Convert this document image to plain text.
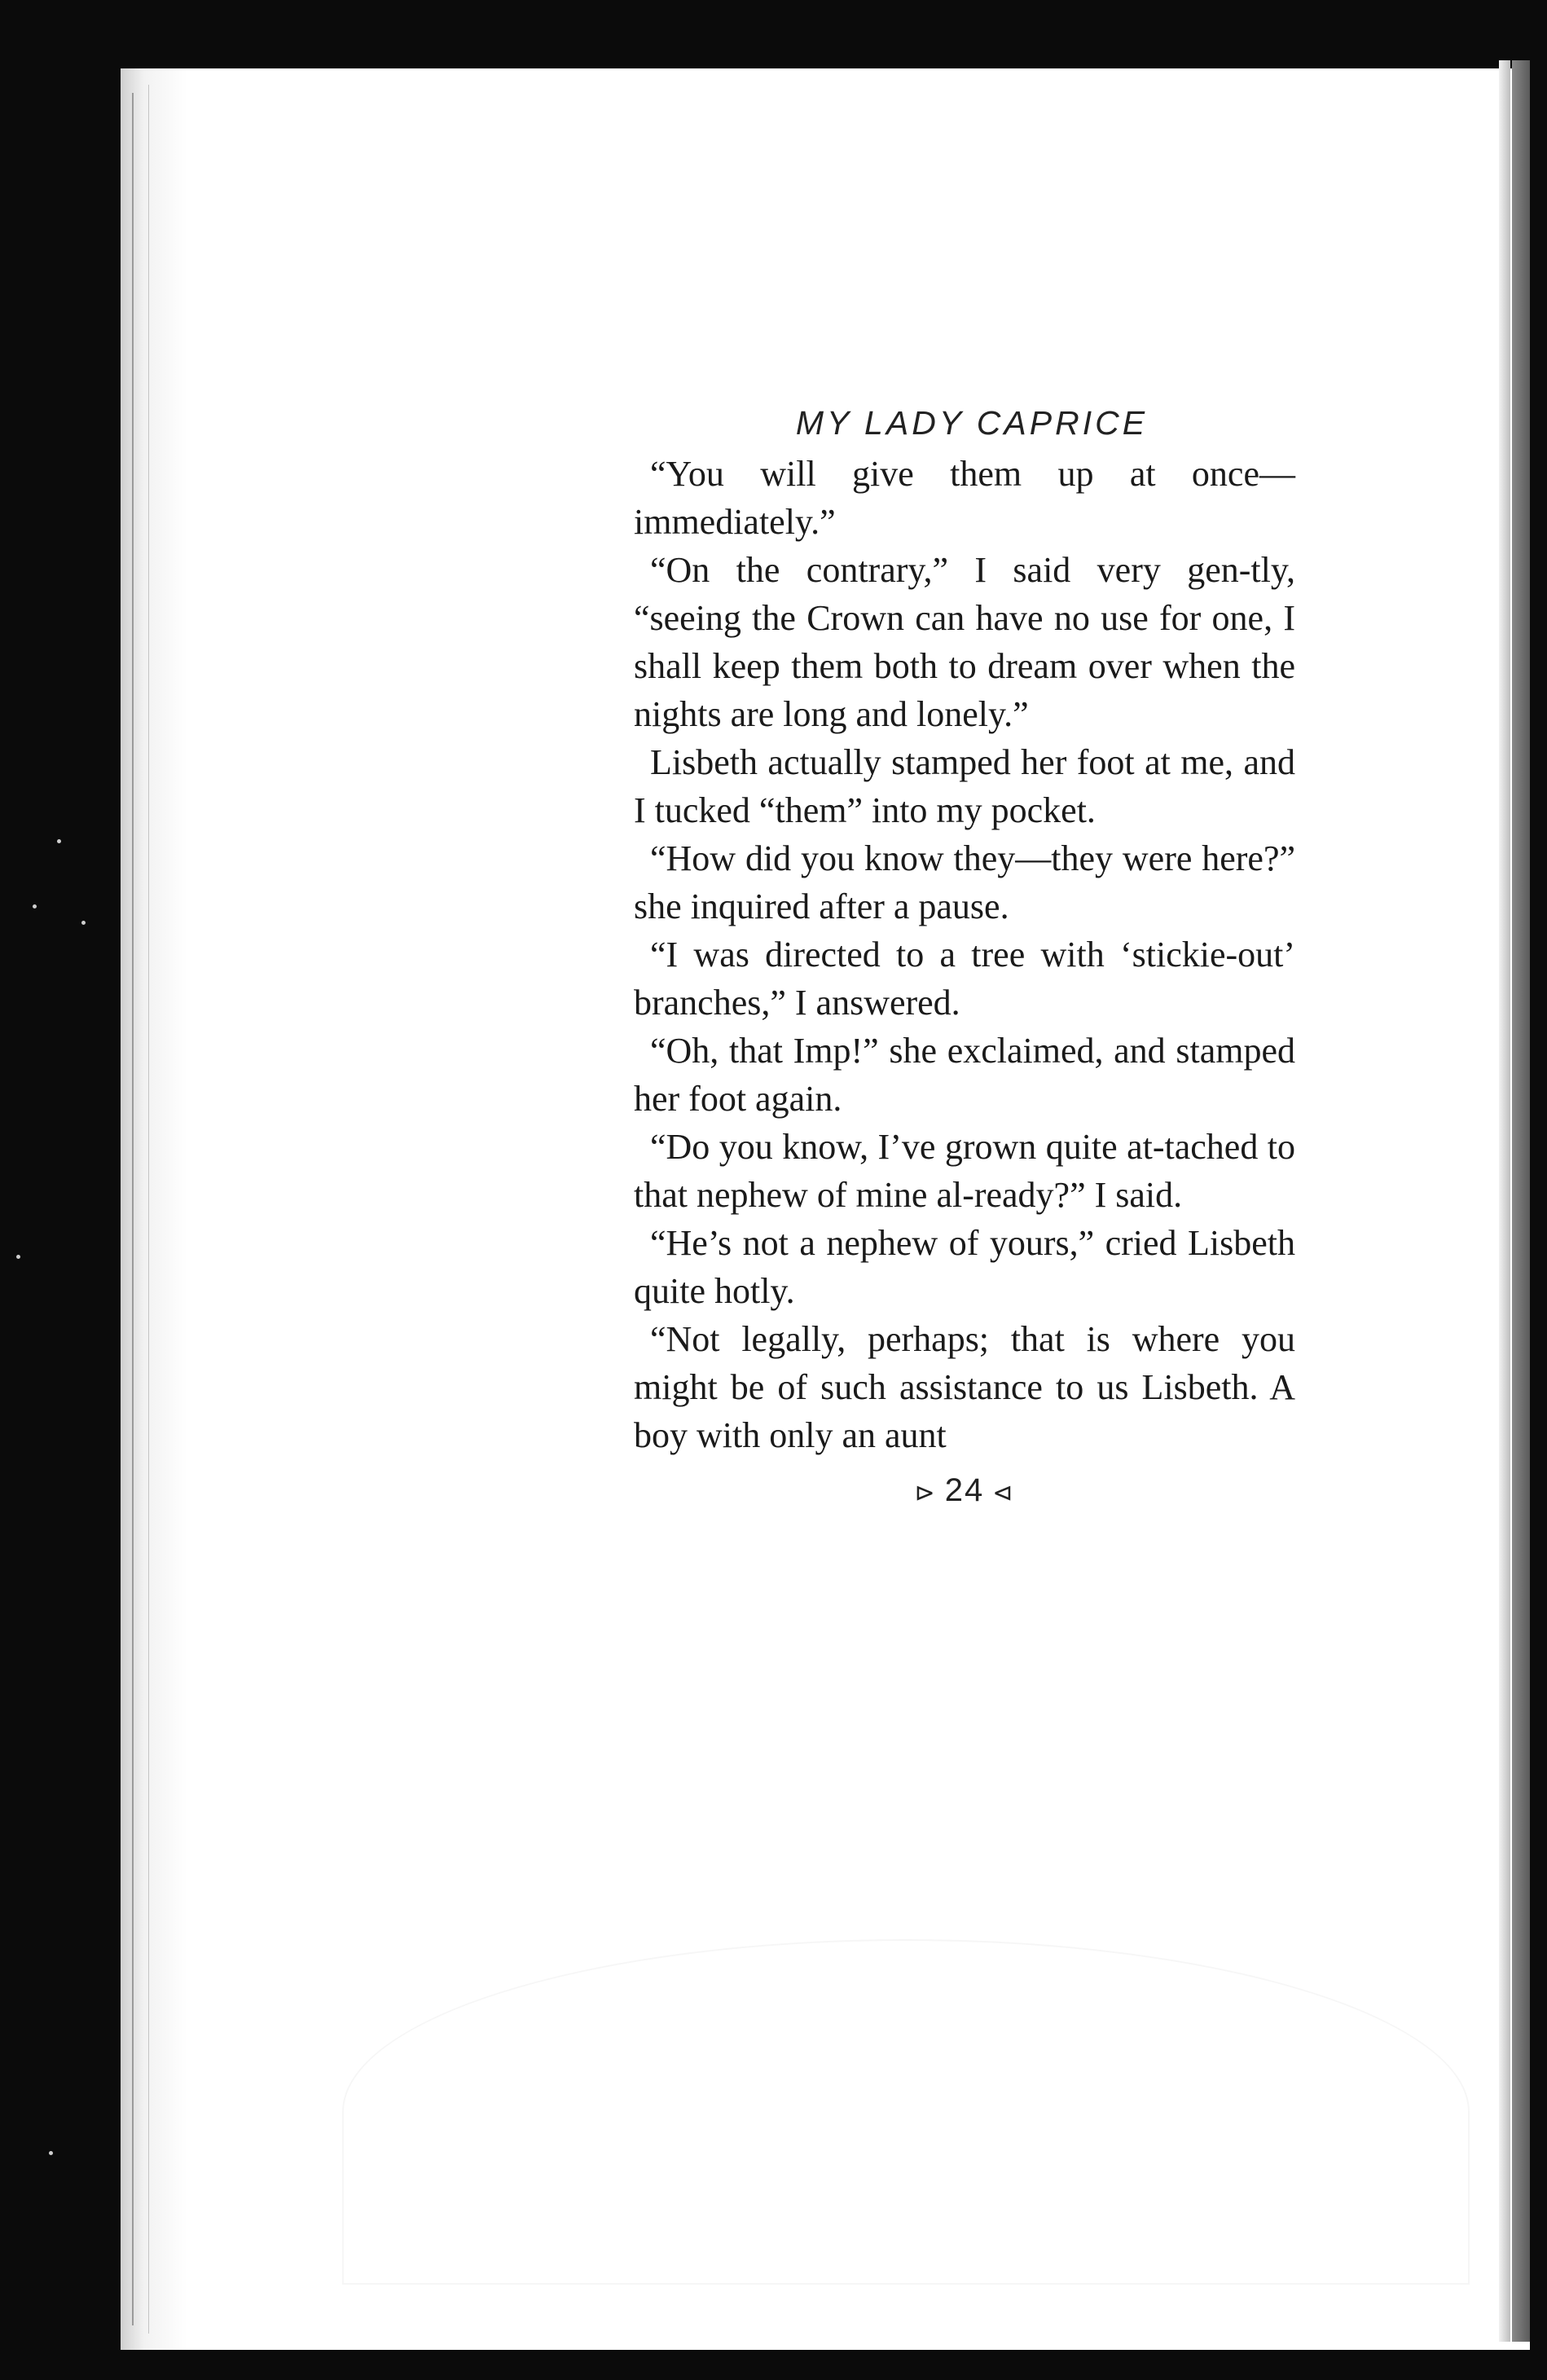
MY LADY CAPRICE

“You will give them up at once— immediately.”

“On the contrary,” I said very gen-tly, “seeing the Crown can have no use for one, I shall keep them both to dream over when the nights are long and lonely.”

Lisbeth actually stamped her foot at me, and I tucked “them” into my pocket.

“How did you know they—they were here?” she inquired after a pause.

“I was directed to a tree with ‘stickie-out’ branches,” I answered.

“Oh, that Imp!” she exclaimed, and stamped her foot again.

“Do you know, I’ve grown quite at-tached to that nephew of mine al-ready?” I said.

“He’s not a nephew of yours,” cried Lisbeth quite hotly.

“Not legally, perhaps; that is where you might be of such assistance to us Lisbeth. A boy with only an aunt

⊳ 24 ⊲
